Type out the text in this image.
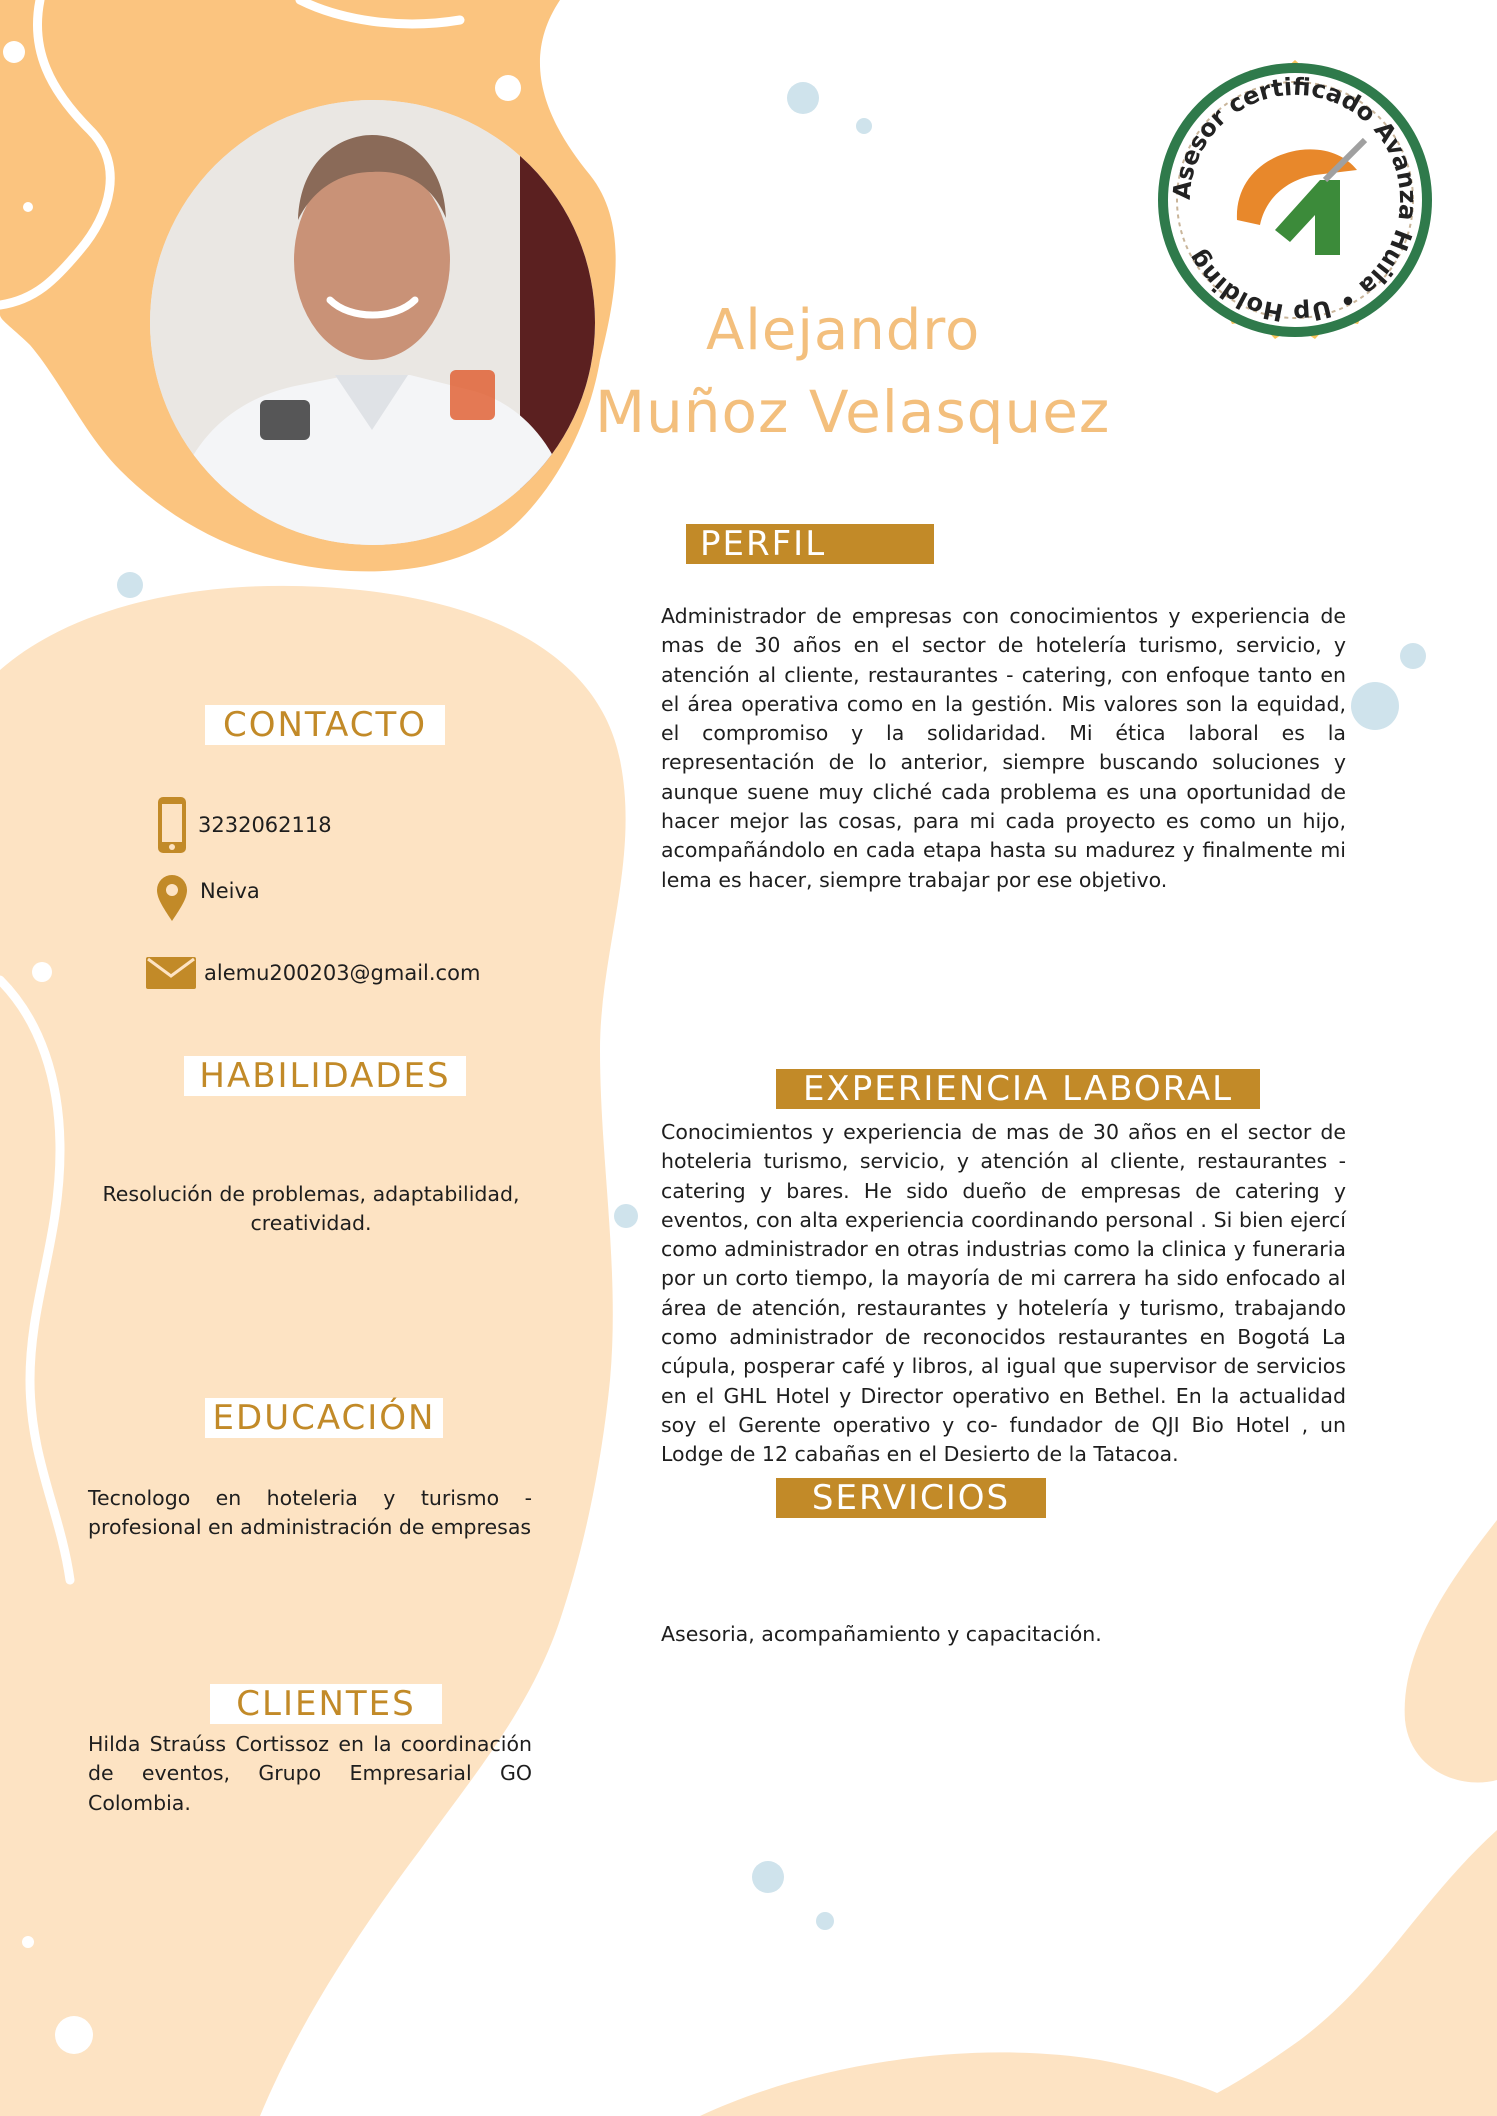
Asesor certificado Avanza Huila • Up Holding
Alejandro
Muñoz Velasquez
PERFIL
Administrador de empresas con conocimientos y experiencia de mas de 30 años en el sector de hotelería turismo, servicio, y atención al cliente, restaurantes - catering, con enfoque tanto en el área operativa como en la gestión. Mis valores son la equidad, el compromiso y la solidaridad. Mi ética laboral es la representación de lo anterior, siempre buscando soluciones y aunque suene muy cliché cada problema es una oportunidad de hacer mejor las cosas, para mi cada proyecto es como un hijo, acompañándolo en cada etapa hasta su madurez y finalmente mi lema es hacer, siempre trabajar por ese objetivo.
CONTACTO
3232062118
Neiva
alemu200203@gmail.com
HABILIDADES
Resolución de problemas, adaptabilidad, creatividad.
EDUCACIÓN
Tecnologo en hoteleria y turismo - profesional en administración de empresas
CLIENTES
Hilda Straúss Cortissoz en la coordinación de eventos, Grupo Empresarial GO Colombia.
EXPERIENCIA LABORAL
Conocimientos y experiencia de mas de 30 años en el sector de hoteleria turismo, servicio, y atención al cliente, restaurantes - catering y bares. He sido dueño de empresas de catering y eventos, con alta experiencia coordinando personal . Si bien ejercí como administrador en otras industrias como la clinica y funeraria por un corto tiempo, la mayoría de mi carrera ha sido enfocado al área de atención, restaurantes y hotelería y turismo, trabajando como administrador de reconocidos restaurantes en Bogotá La cúpula, posperar café y libros, al igual que supervisor de servicios en el GHL Hotel y Director operativo en Bethel. En la actualidad soy el Gerente operativo y co- fundador de QJI Bio Hotel , un Lodge de 12 cabañas en el Desierto de la Tatacoa.
SERVICIOS
Asesoria, acompañamiento y capacitación.
